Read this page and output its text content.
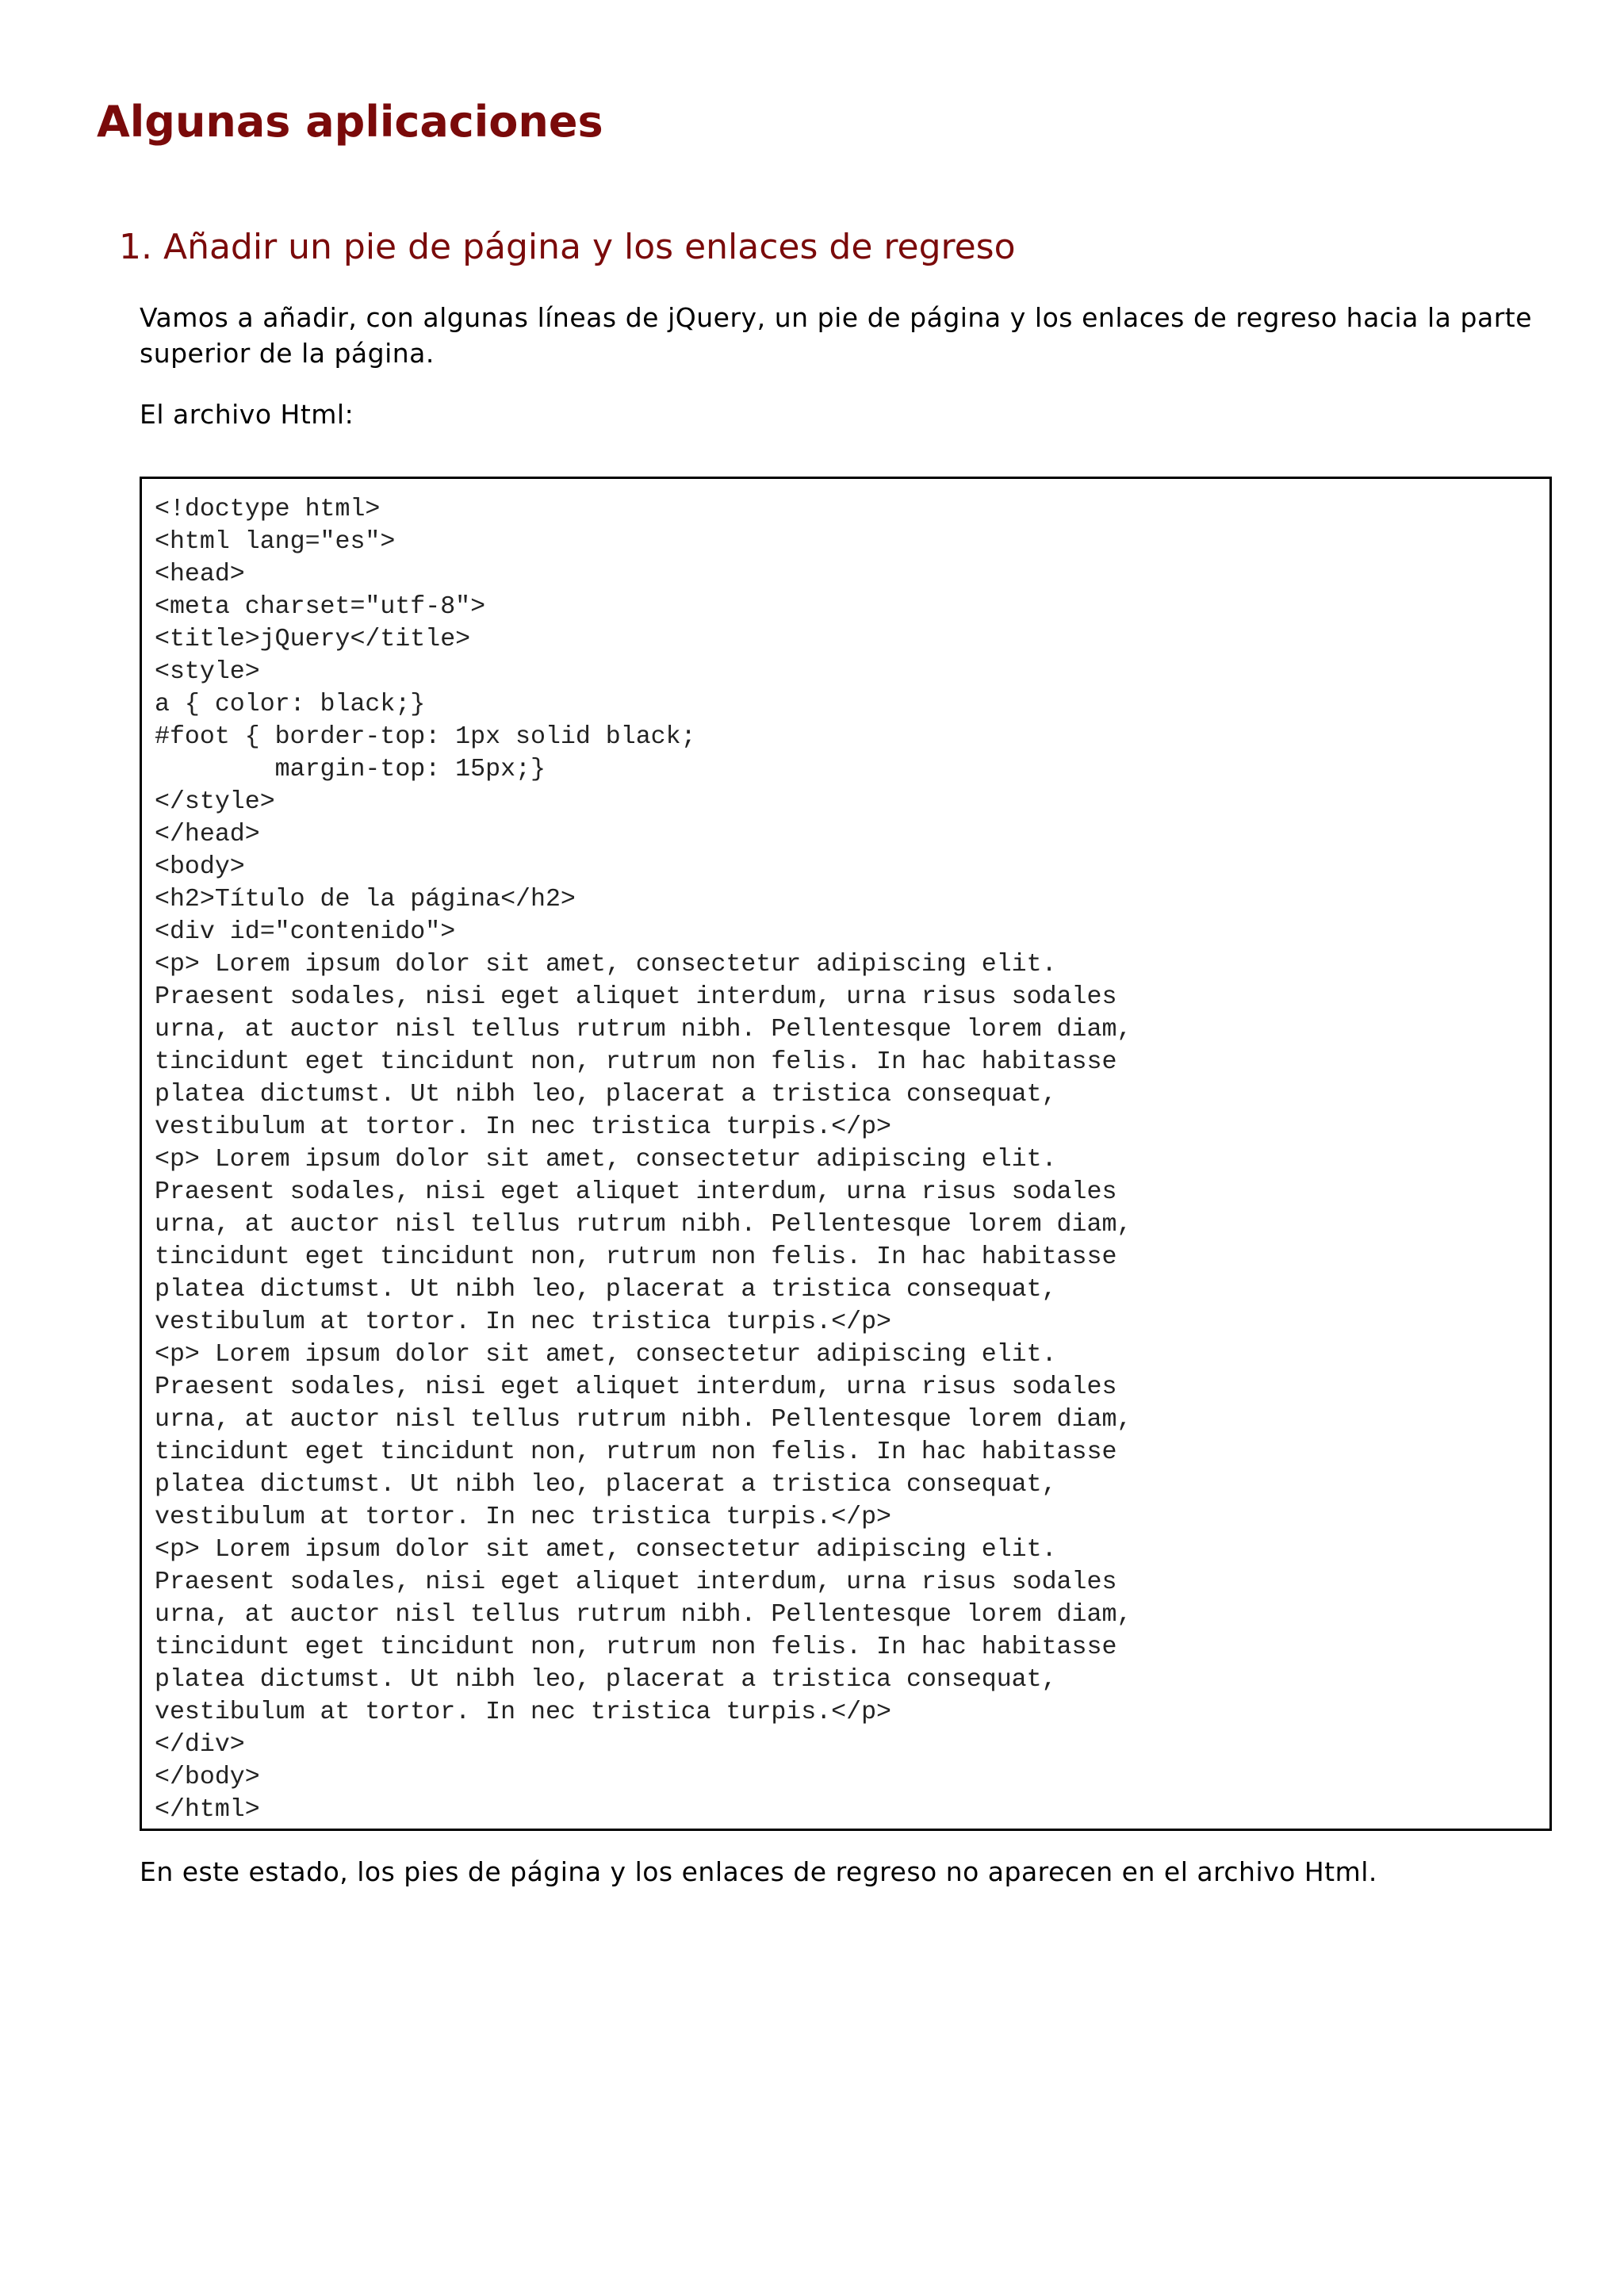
Algunas aplicaciones
1. Añadir un pie de página y los enlaces de regreso

Vamos a añadir, con algunas líneas de jQuery, un pie de página y los enlaces de regreso hacia la parte superior de la página.

El archivo Html:

<!doctype html>
<html lang="es">
<head>
<meta charset="utf-8">
<title>jQuery</title>
<style>
a { color: black;}
#foot { border-top: 1px solid black;
margin-top: 15px;}
</style>
</head>
<body>
<h2>Título de la página</h2>
<div id="contenido">
<p> Lorem ipsum dolor sit amet, consectetur adipiscing elit.
Praesent sodales, nisi eget aliquet interdum, urna risus sodales
urna, at auctor nisl tellus rutrum nibh. Pellentesque lorem diam,
tincidunt eget tincidunt non, rutrum non felis. In hac habitasse
platea dictumst. Ut nibh leo, placerat a tristica consequat,
vestibulum at tortor. In nec tristica turpis.</p>
<p> Lorem ipsum dolor sit amet, consectetur adipiscing elit.
Praesent sodales, nisi eget aliquet interdum, urna risus sodales
urna, at auctor nisl tellus rutrum nibh. Pellentesque lorem diam,
tincidunt eget tincidunt non, rutrum non felis. In hac habitasse
platea dictumst. Ut nibh leo, placerat a tristica consequat,
vestibulum at tortor. In nec tristica turpis.</p>
<p> Lorem ipsum dolor sit amet, consectetur adipiscing elit.
Praesent sodales, nisi eget aliquet interdum, urna risus sodales
urna, at auctor nisl tellus rutrum nibh. Pellentesque lorem diam,
tincidunt eget tincidunt non, rutrum non felis. In hac habitasse
platea dictumst. Ut nibh leo, placerat a tristica consequat,
vestibulum at tortor. In nec tristica turpis.</p>
<p> Lorem ipsum dolor sit amet, consectetur adipiscing elit.
Praesent sodales, nisi eget aliquet interdum, urna risus sodales
urna, at auctor nisl tellus rutrum nibh. Pellentesque lorem diam,
tincidunt eget tincidunt non, rutrum non felis. In hac habitasse
platea dictumst. Ut nibh leo, placerat a tristica consequat,
vestibulum at tortor. In nec tristica turpis.</p>
</div>
</body>
</html>

En este estado, los pies de página y los enlaces de regreso no aparecen en el archivo Html.
